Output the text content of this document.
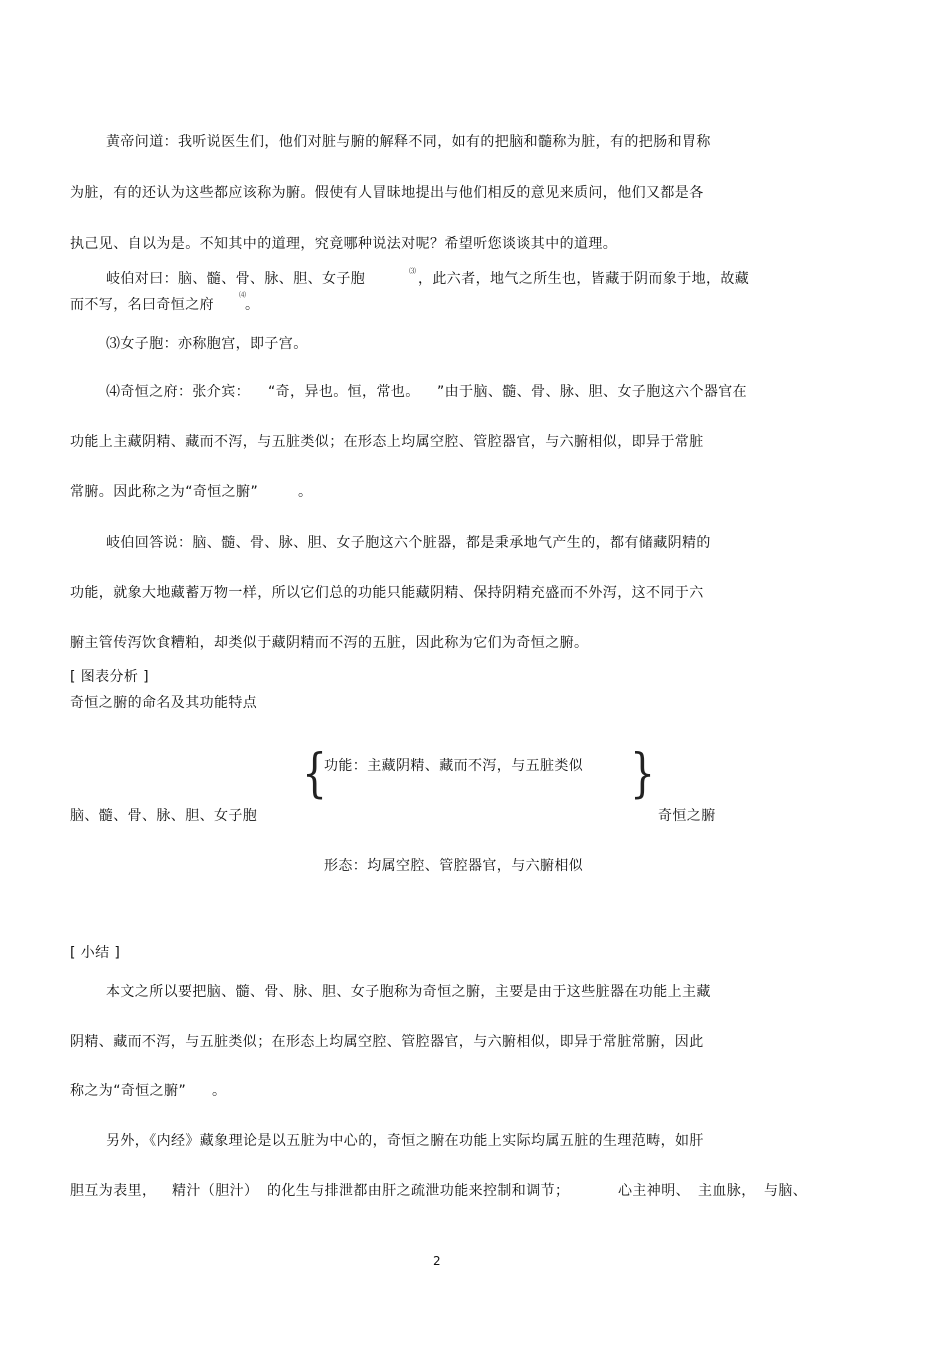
黄帝问道：我听说医生们，他们对脏与腑的解释不同，如有的把脑和髓称为脏，有的把肠和胃称
为脏，有的还认为这些都应该称为腑。假使有人冒昧地提出与他们相反的意见来质问，他们又都是各
执己见、自以为是。不知其中的道理，究竟哪种说法对呢？希望听您谈谈其中的道理。
岐伯对曰：脑、髓、骨、脉、胆、女子胞	⑶ ，此六者，地气之所生也，皆藏于阴而象于地，故藏
而不写，名曰奇恒之府
⑷
。
⑶女子胞：亦称胞宫，即子宫。
⑷奇恒之府：张介宾： “奇，异也。恒，常也。 ”由于脑、髓、骨、脉、胆、女子胞这六个器官在
功能上主藏阴精、藏而不泻，与五脏类似；在形态上均属空腔、管腔器官，与六腑相似，即异于常脏
常腑。因此称之为“奇恒之腑”	。
岐伯回答说：脑、髓、骨、脉、胆、女子胞这六个脏器，都是秉承地气产生的，都有储藏阴精的
功能，就象大地藏蓄万物一样，所以它们总的功能只能藏阴精、保持阴精充盛而不外泻，这不同于六
腑主管传泻饮食糟粕，却类似于藏阴精而不泻的五脏，因此称为它们为奇恒之腑。
[ 图表分析 ]
奇恒之腑的命名及其功能特点
{
功能：主藏阴精、藏而不泻，与五脏类似 }
脑、髓、骨、脉、胆、女子胞	奇恒之腑
形态：均属空腔、管腔器官，与六腑相似
[ 小结 ]
本文之所以要把脑、髓、骨、脉、胆、女子胞称为奇恒之腑，主要是由于这些脏器在功能上主藏
阴精、藏而不泻，与五脏类似；在形态上均属空腔、管腔器官，与六腑相似，即异于常脏常腑，因此
称之为“奇恒之腑” 。
另外，《内经》藏象理论是以五脏为中心的，奇恒之腑在功能上实际均属五脏的生理范畴，如肝
胆互为表里， 精汁（胆汁） 的化生与排泄都由肝之疏泄功能来控制和调节；	心主神明、 主血脉， 与脑、
2
